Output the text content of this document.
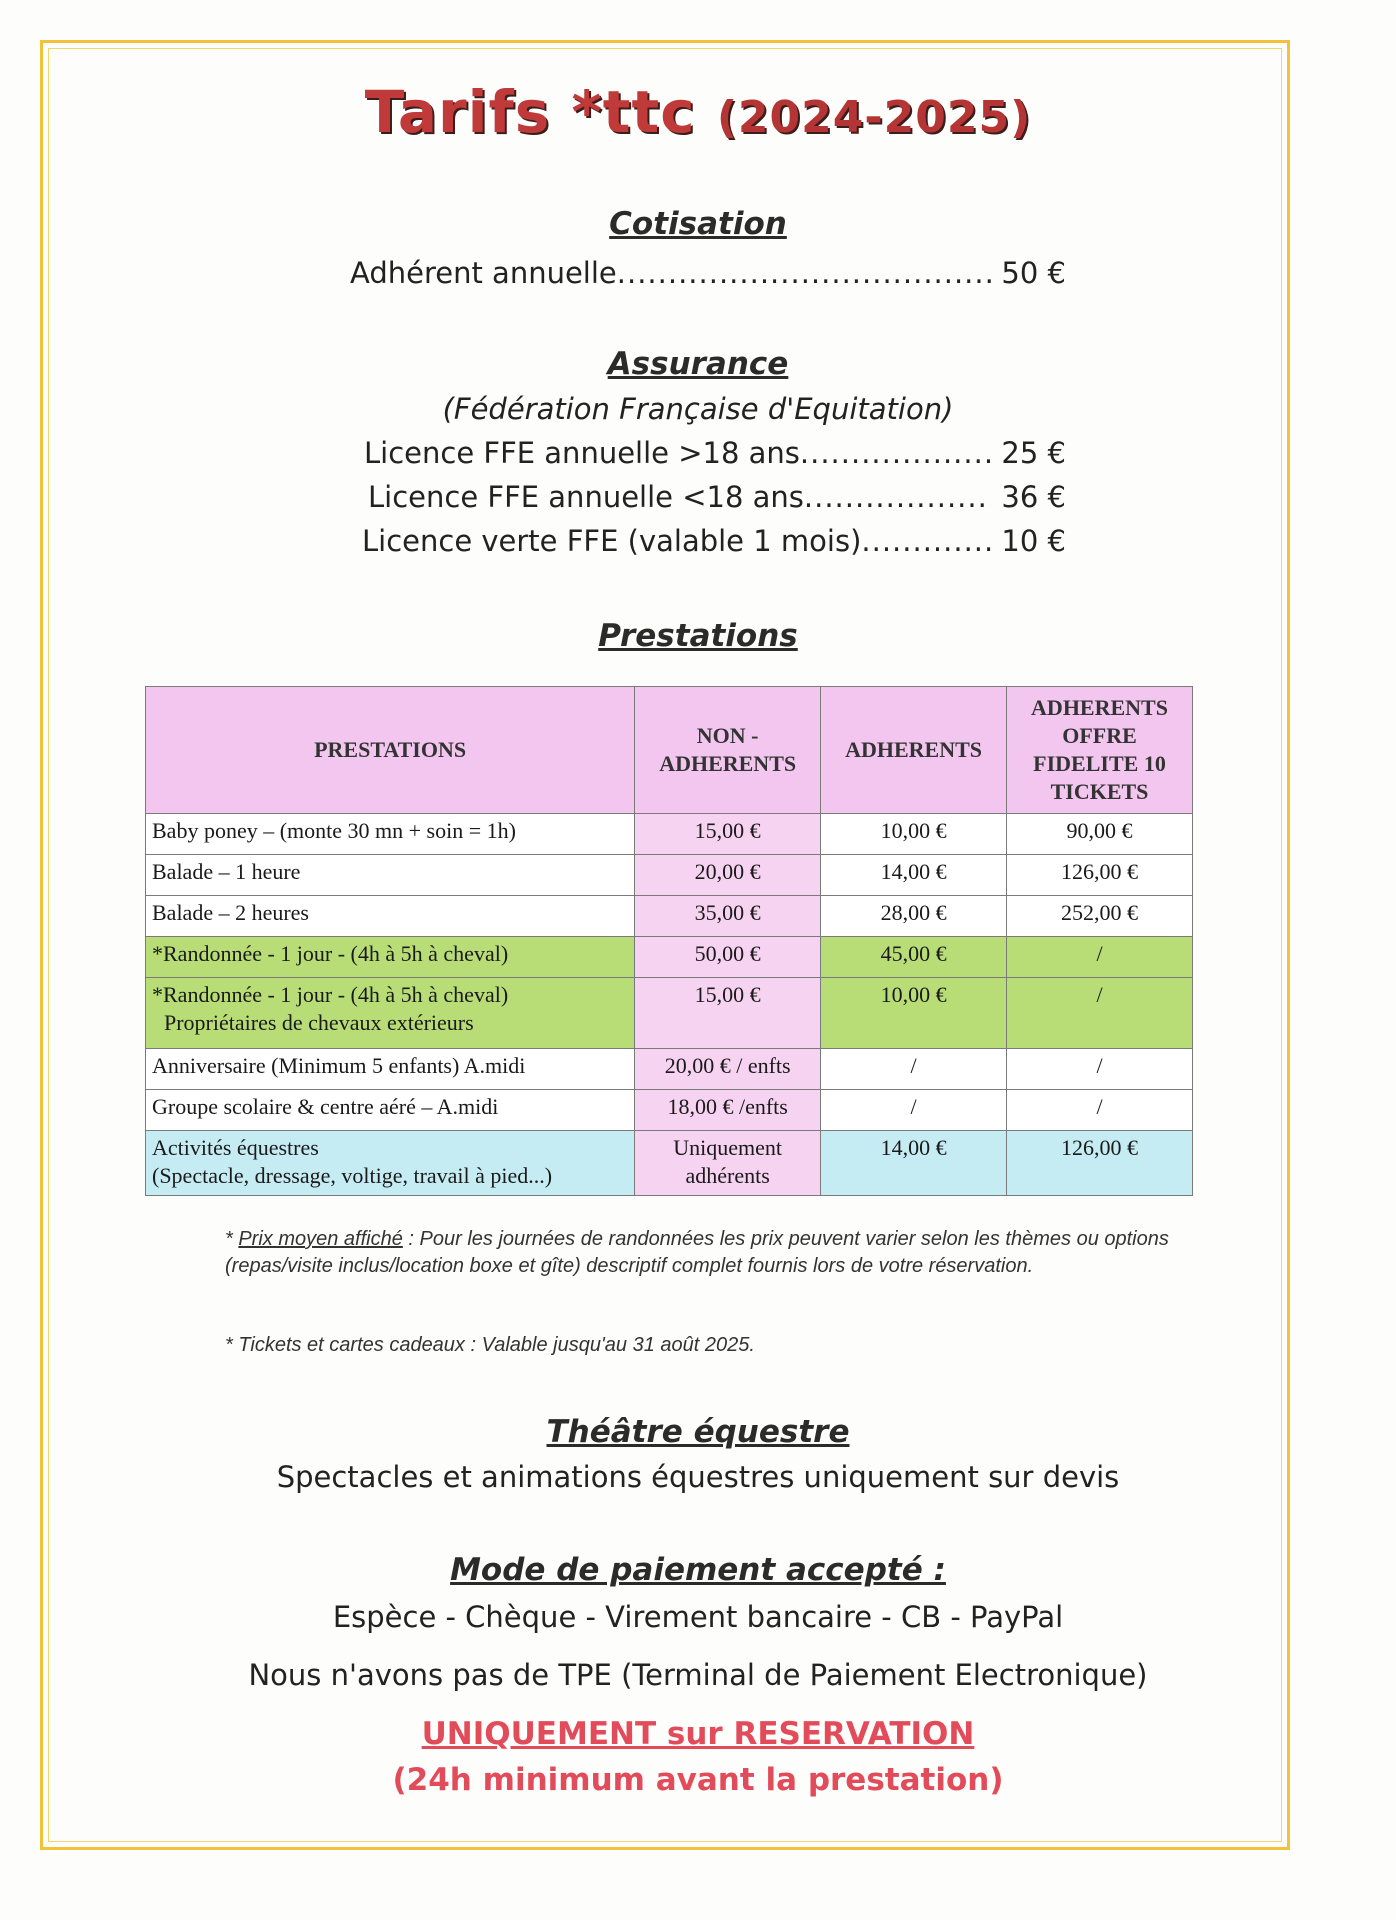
Tarifs *ttc (2024-2025)
Cotisation
Adhérent annuelle .....	50 €
Assurance
(Fédération Française d'Equitation)
Licence FFE annuelle >18 ans .....	25 €
Licence FFE annuelle <18 ans .....	36 €
Licence verte FFE (valable 1 mois) .....	10 €
Prestations
PRESTATIONS	NON - ADHERENTS	ADHERENTS	ADHERENTS OFFRE FIDELITE 10 TICKETS
Baby poney – (monte 30 mn + soin = 1h)	15,00 €	10,00 €	90,00 €
Balade – 1 heure	20,00 €	14,00 €	126,00 €
Balade – 2 heures	35,00 €	28,00 €	252,00 €
*Randonnée - 1 jour - (4h à 5h à cheval)	50,00 €	45,00 €	/

*Randonnée - 1 jour - (4h à 5h à cheval)
Propriétaires de chevaux extérieurs	15,00 €	10,00 €	/
Anniversaire (Minimum 5 enfants) A.midi	20,00 € / enfts	/	/
Groupe scolaire & centre aéré – A.midi	18,00 € /enfts	/	/

Activités équestres
(Spectacle, dressage, voltige, travail à pied...)	Uniquement adhérents	14,00 €	126,00 €
* Prix moyen affiché : Pour les journées de randonnées les prix peuvent varier selon les thèmes ou options (repas/visite inclus/location boxe et gîte) descriptif complet fournis lors de votre réservation.
* Tickets et cartes cadeaux : Valable jusqu'au 31 août 2025.
Théâtre équestre
Spectacles et animations équestres uniquement sur devis
Mode de paiement accepté :
Espèce - Chèque - Virement bancaire - CB - PayPal
Nous n'avons pas de TPE (Terminal de Paiement Electronique)
UNIQUEMENT sur RESERVATION
(24h minimum avant la prestation)
